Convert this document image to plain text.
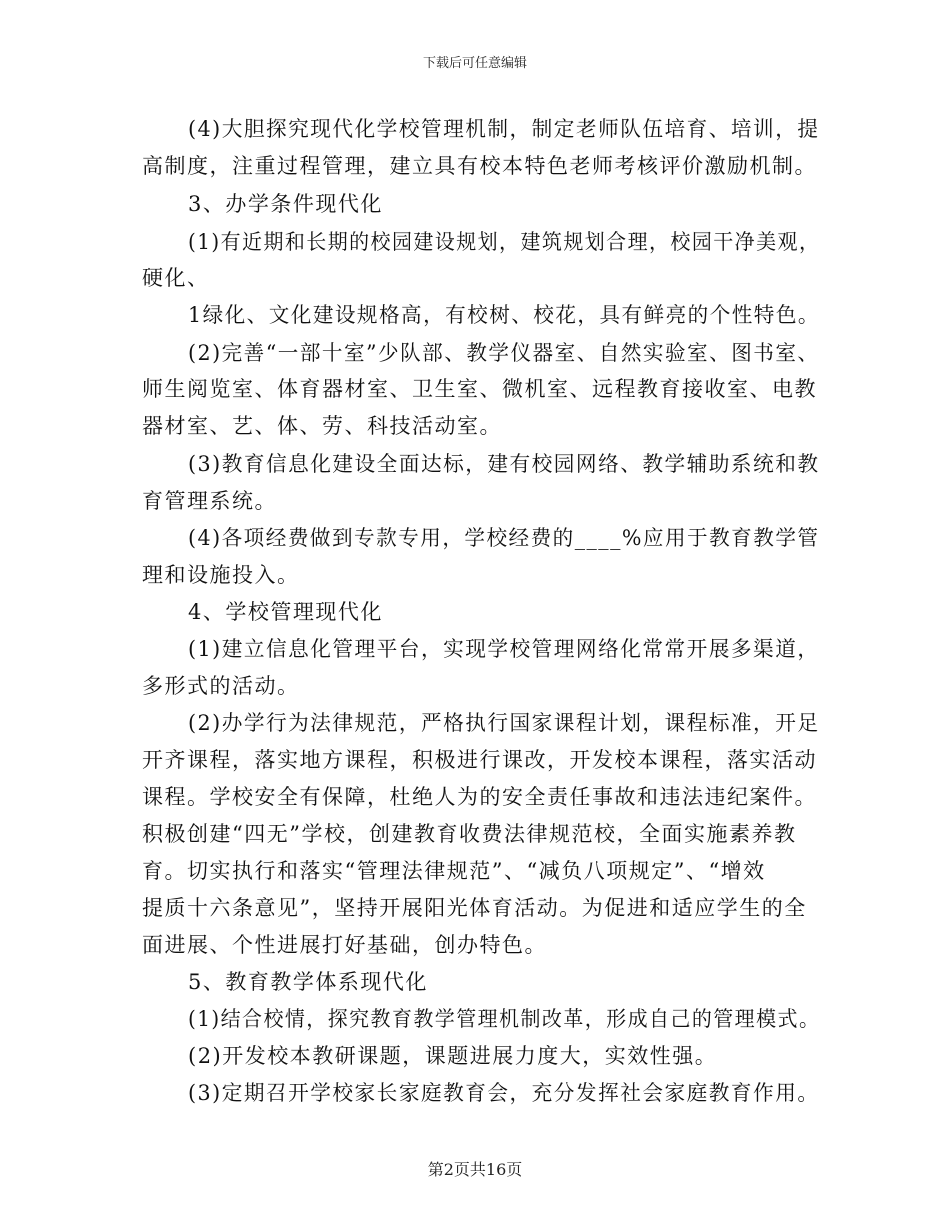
下载后可任意编辑
(4)大胆探究现代化学校管理机制，制定老师队伍培育、培训，提
高制度，注重过程管理，建立具有校本特色老师考核评价激励机制。
3、办学条件现代化
(1)有近期和长期的校园建设规划，建筑规划合理，校园干净美观，
硬化、
1绿化、文化建设规格高，有校树、校花，具有鲜亮的个性特色。
(2)完善“一部十室”少队部、教学仪器室、自然实验室、图书室、
师生阅览室、体育器材室、卫生室、微机室、远程教育接收室、电教
器材室、艺、体、劳、科技活动室。
(3)教育信息化建设全面达标，建有校园网络、教学辅助系统和教
育管理系统。
(4)各项经费做到专款专用，学校经费的____%应用于教育教学管
理和设施投入。
4、学校管理现代化
(1)建立信息化管理平台，实现学校管理网络化常常开展多渠道，
多形式的活动。
(2)办学行为法律规范，严格执行国家课程计划，课程标准，开足
开齐课程，落实地方课程，积极进行课改，开发校本课程，落实活动
课程。学校安全有保障，杜绝人为的安全责任事故和违法违纪案件。
积极创建“四无”学校，创建教育收费法律规范校，全面实施素养教
育。切实执行和落实“管理法律规范”、“减负八项规定”、“增效
提质十六条意见”，坚持开展阳光体育活动。为促进和适应学生的全
面进展、个性进展打好基础，创办特色。
5、教育教学体系现代化
(1)结合校情，探究教育教学管理机制改革，形成自己的管理模式。
(2)开发校本教研课题，课题进展力度大，实效性强。
(3)定期召开学校家长家庭教育会，充分发挥社会家庭教育作用。
第2页共16页
